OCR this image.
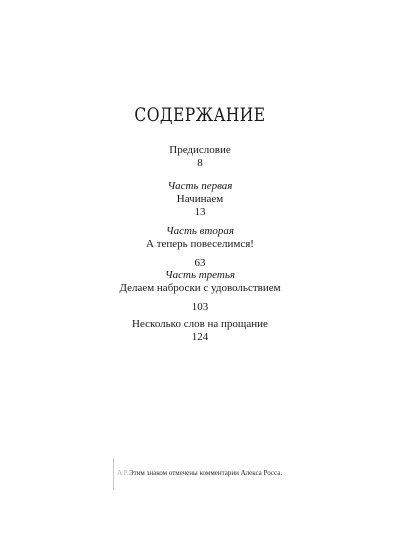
СОДЕРЖАНИЕ
Предисловие
8
Часть первая
Начинаем
13
Часть вторая
А теперь повеселимся!
63
Часть третья
Делаем наброски с удовольствием
103
Несколько слов на прощание
124
А.Р. Этим знаком отмечены комментарии Алекса Росса.
